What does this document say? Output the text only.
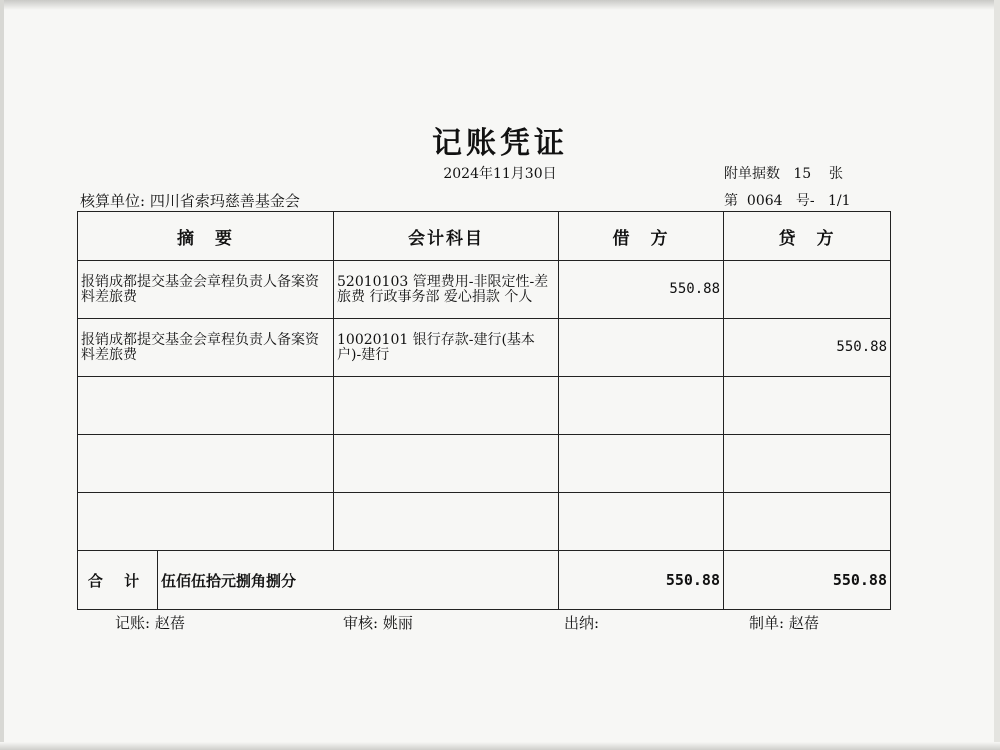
记账凭证
2024年11月30日	附单据数 15 张
核算单位: 四川省索玛慈善基金会	第 0064 号- 1/1
摘　要		会计科目	借　方	贷　方
报销成都提交基金会章程负责人备案资料差旅费		52010103 管理费用-非限定性-差旅费 行政事务部 爱心捐款 个人	550.88	
报销成都提交基金会章程负责人备案资料差旅费		10020101 银行存款-建行(基本户)-建行		550.88

合 计	伍佰伍拾元捌角捌分		550.88	550.88
记账: 赵蓓	审核: 姚丽	出纳:	制单: 赵蓓
